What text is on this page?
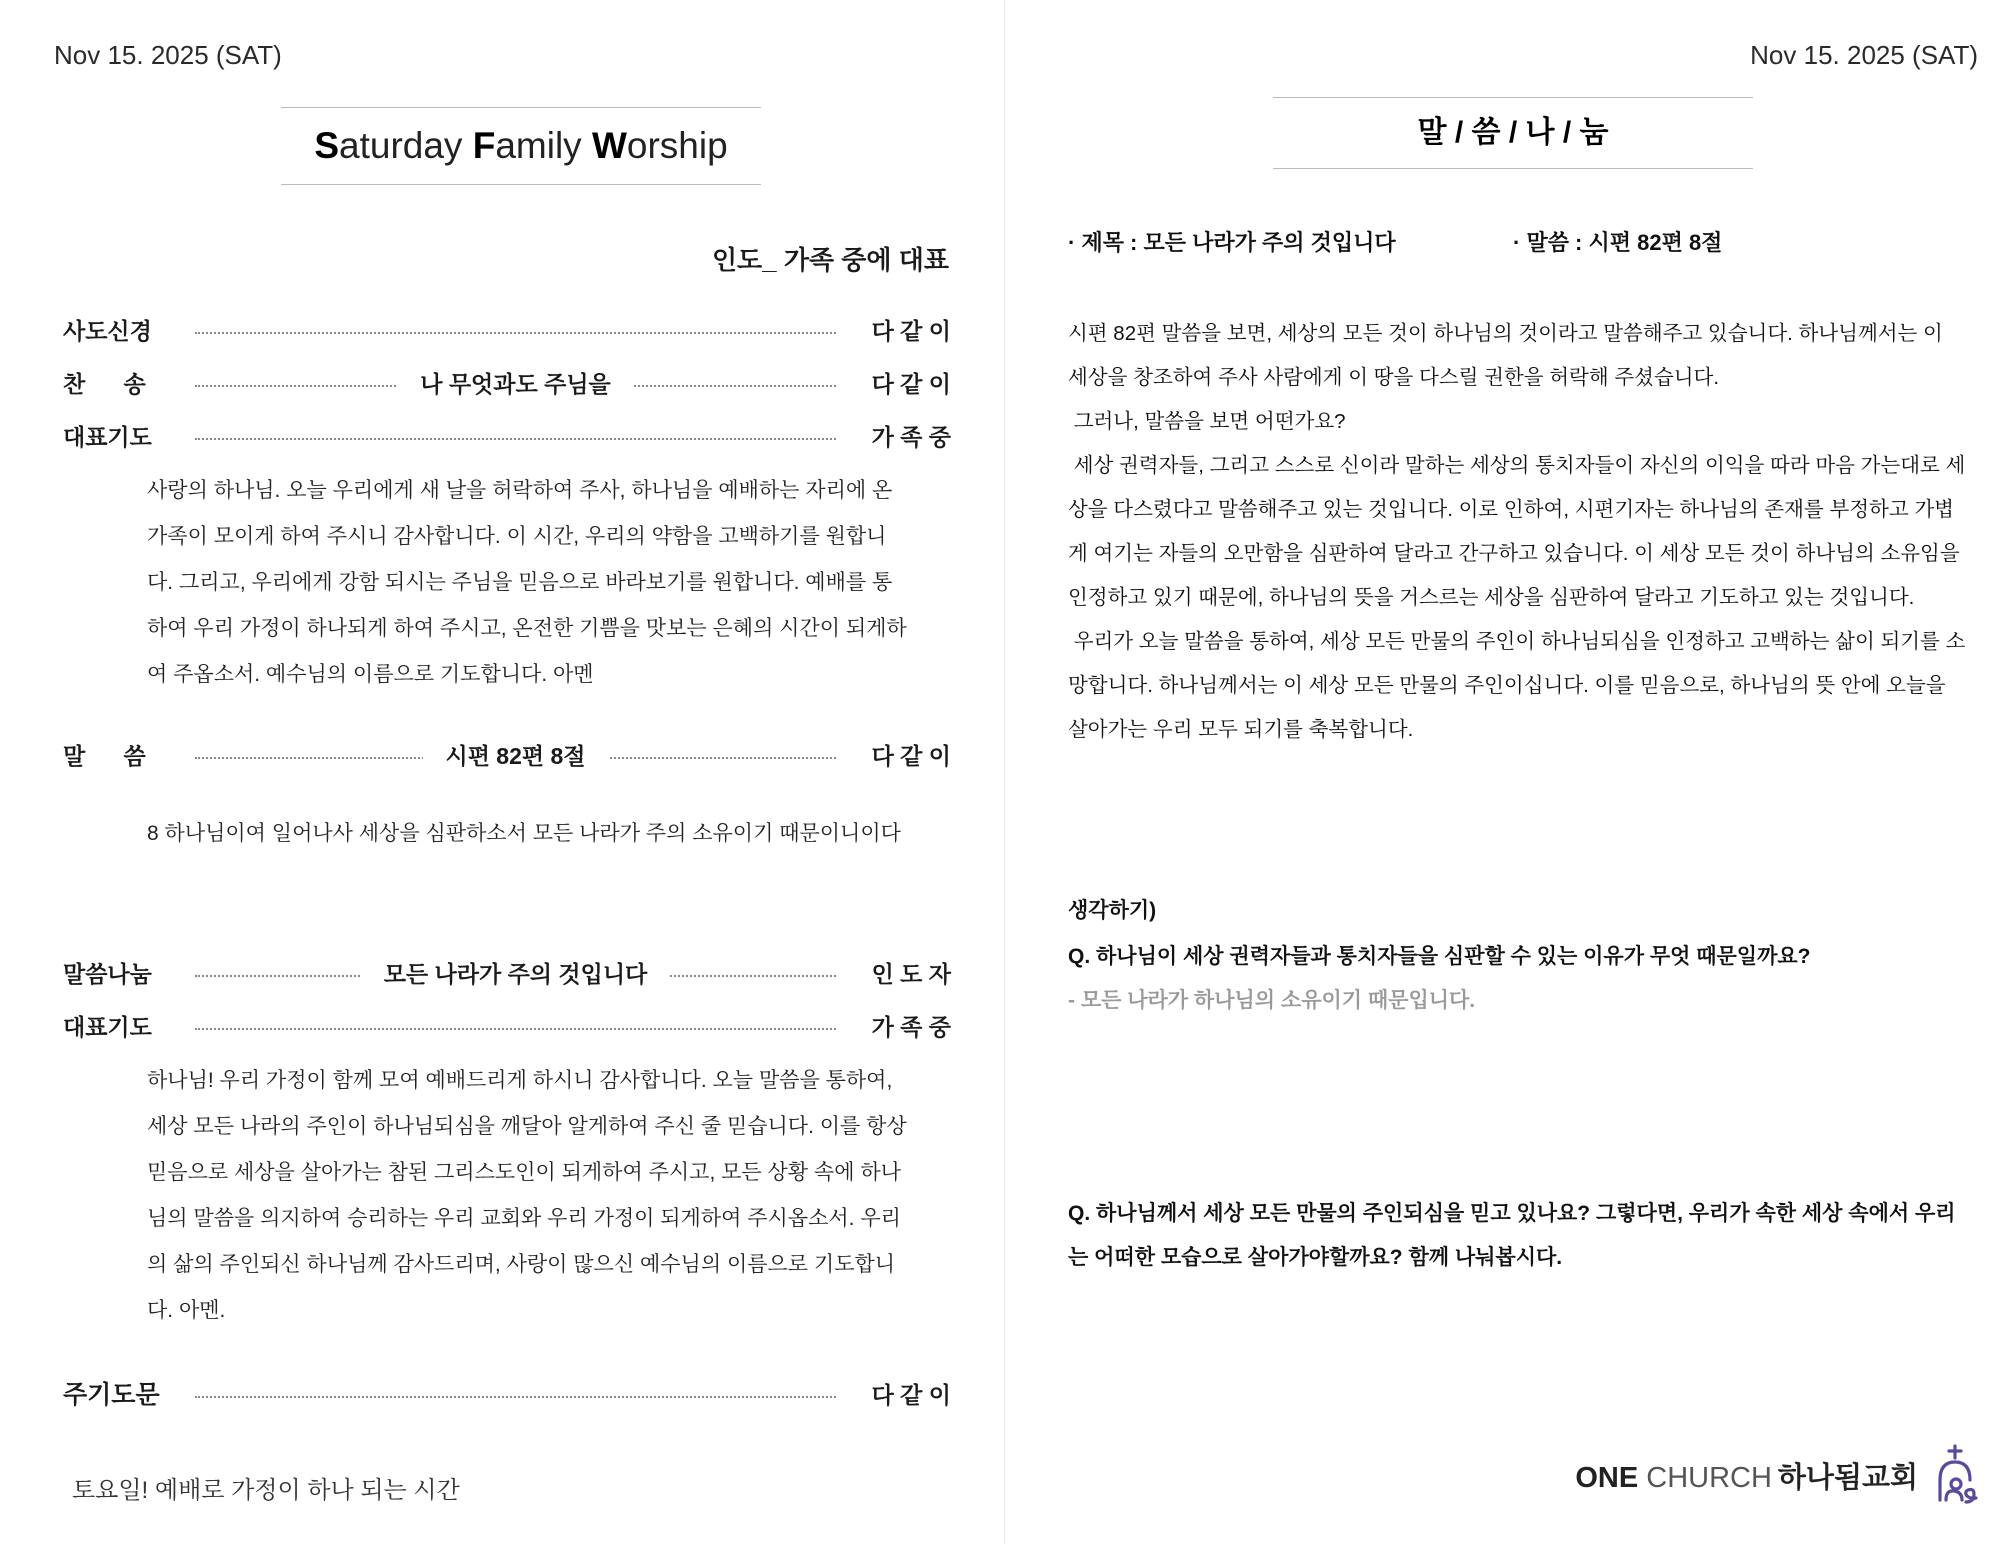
Nov 15. 2025 (SAT)
Saturday Family Worship
인도_ 가족 중에 대표
사도신경	다 같 이
찬      송	나 무엇과도 주님을	다 같 이
대표기도	가 족 중
사랑의 하나님. 오늘 우리에게 새 날을 허락하여 주사, 하나님을 예배하는 자리에 온 가족이 모이게 하여 주시니 감사합니다. 이 시간, 우리의 약함을 고백하기를 원합니다. 그리고, 우리에게 강함 되시는 주님을 믿음으로 바라보기를 원합니다. 예배를 통하여 우리 가정이 하나되게 하여 주시고, 온전한 기쁨을 맛보는 은혜의 시간이 되게하여 주옵소서. 예수님의 이름으로 기도합니다. 아멘
말      씀	시편 82편 8절	다 같 이
8 하나님이여 일어나사 세상을 심판하소서 모든 나라가 주의 소유이기 때문이니이다
말씀나눔	모든 나라가 주의 것입니다	인 도 자
대표기도	가 족 중
하나님! 우리 가정이 함께 모여 예배드리게 하시니 감사합니다. 오늘 말씀을 통하여, 세상 모든 나라의 주인이 하나님되심을 깨달아 알게하여 주신 줄 믿습니다. 이를 항상 믿음으로 세상을 살아가는 참된 그리스도인이 되게하여 주시고, 모든 상황 속에 하나님의 말씀을 의지하여 승리하는 우리 교회와 우리 가정이 되게하여 주시옵소서. 우리의 삶의 주인되신 하나님께 감사드리며, 사랑이 많으신 예수님의 이름으로 기도합니다. 아멘.
주기도문	다 같 이
토요일! 예배로 가정이 하나 되는 시간
Nov 15. 2025 (SAT)
말 / 씀 / 나 / 눔
· 제목 : 모든 나라가 주의 것입니다	· 말씀 : 시편 82편 8절

시편 82편 말씀을 보면, 세상의 모든 것이 하나님의 것이라고 말씀해주고 있습니다. 하나님께서는 이 세상을 창조하여 주사 사람에게 이 땅을 다스릴 권한을 허락해 주셨습니다.

그러나, 말씀을 보면 어떤가요?

세상 권력자들, 그리고 스스로 신이라 말하는 세상의 통치자들이 자신의 이익을 따라 마음 가는대로 세상을 다스렸다고 말씀해주고 있는 것입니다. 이로 인하여, 시편기자는 하나님의 존재를 부정하고 가볍게 여기는 자들의 오만함을 심판하여 달라고 간구하고 있습니다. 이 세상 모든 것이 하나님의 소유임을 인정하고 있기 때문에, 하나님의 뜻을 거스르는 세상을 심판하여 달라고 기도하고 있는 것입니다.

우리가 오늘 말씀을 통하여, 세상 모든 만물의 주인이 하나님되심을 인정하고 고백하는 삶이 되기를 소망합니다. 하나님께서는 이 세상 모든 만물의 주인이십니다. 이를 믿음으로, 하나님의 뜻 안에 오늘을 살아가는 우리 모두 되기를 축복합니다.

생각하기)
Q. 하나님이 세상 권력자들과 통치자들을 심판할 수 있는 이유가 무엇 때문일까요?
- 모든 나라가 하나님의 소유이기 때문입니다.
Q. 하나님께서 세상 모든 만물의 주인되심을 믿고 있나요? 그렇다면, 우리가 속한 세상 속에서 우리는 어떠한 모습으로 살아가야할까요? 함께 나눠봅시다.
ONE CHURCH 하나됨교회
